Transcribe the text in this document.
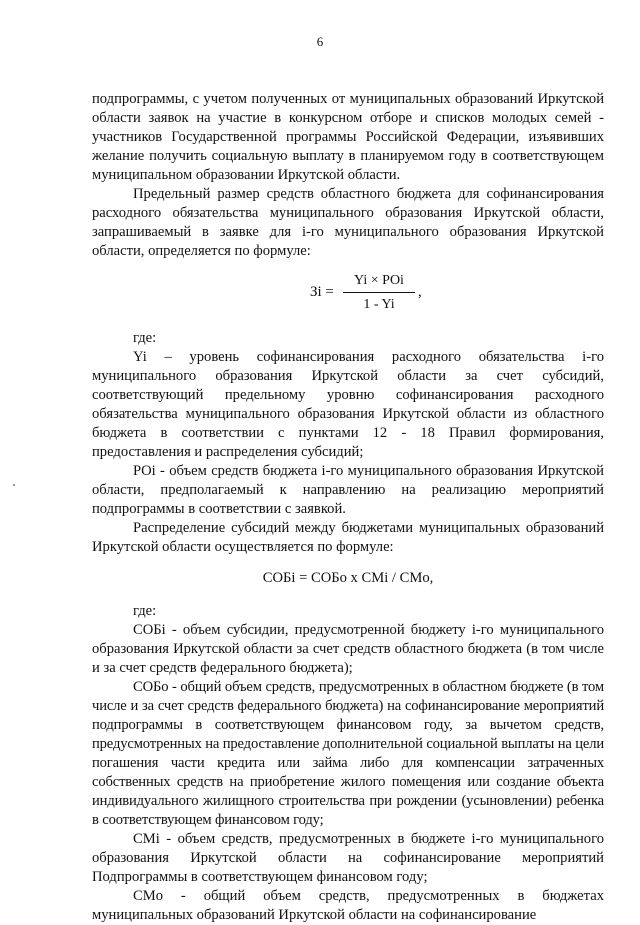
6

подпрограммы, с учетом полученных от муниципальных образований Иркутской области заявок на участие в конкурсном отборе и списков молодых семей - участников Государственной программы Российской Федерации, изъявивших желание получить социальную выплату в планируемом году в соответствующем муниципальном образовании Иркутской области.

Предельный размер средств областного бюджета для софинансирования расходного обязательства муниципального образования Иркутской области, запрашиваемый в заявке для i-го муниципального образования Иркутской области, определяется по формуле:

Зi =
Yi × POi
1 - Yi
,

где:

Yi – уровень софинансирования расходного обязательства i-го муниципального образования Иркутской области за счет субсидий, соответствующий предельному уровню софинансирования расходного обязательства муниципального образования Иркутской области из областного бюджета в соответствии с пунктами 12 - 18 Правил формирования, предоставления и распределения субсидий;

POi - объем средств бюджета i-го муниципального образования Иркутской области, предполагаемый к направлению на реализацию мероприятий подпрограммы в соответствии с заявкой.

Распределение субсидий между бюджетами муниципальных образований Иркутской области осуществляется по формуле:

СОБi = СОБо х CMi / CMo,

где:

СОБi - объем субсидии, предусмотренной бюджету i-го муниципального образования Иркутской области за счет средств областного бюджета (в том числе и за счет средств федерального бюджета);

СОБо - общий объем средств, предусмотренных в областном бюджете (в том числе и за счет средств федерального бюджета) на софинансирование мероприятий подпрограммы в соответствующем финансовом году, за вычетом средств, предусмотренных на предоставление дополнительной социальной выплаты на цели погашения части кредита или займа либо для компенсации затраченных собственных средств на приобретение жилого помещения или создание объекта индивидуального жилищного строительства при рождении (усыновлении) ребенка в соответствующем финансовом году;

CMi - объем средств, предусмотренных в бюджете i-го муниципального образования Иркутской области на софинансирование мероприятий Подпрограммы в соответствующем финансовом году;

CMo - общий объем средств, предусмотренных в бюджетах муниципальных образований Иркутской области на софинансирование
